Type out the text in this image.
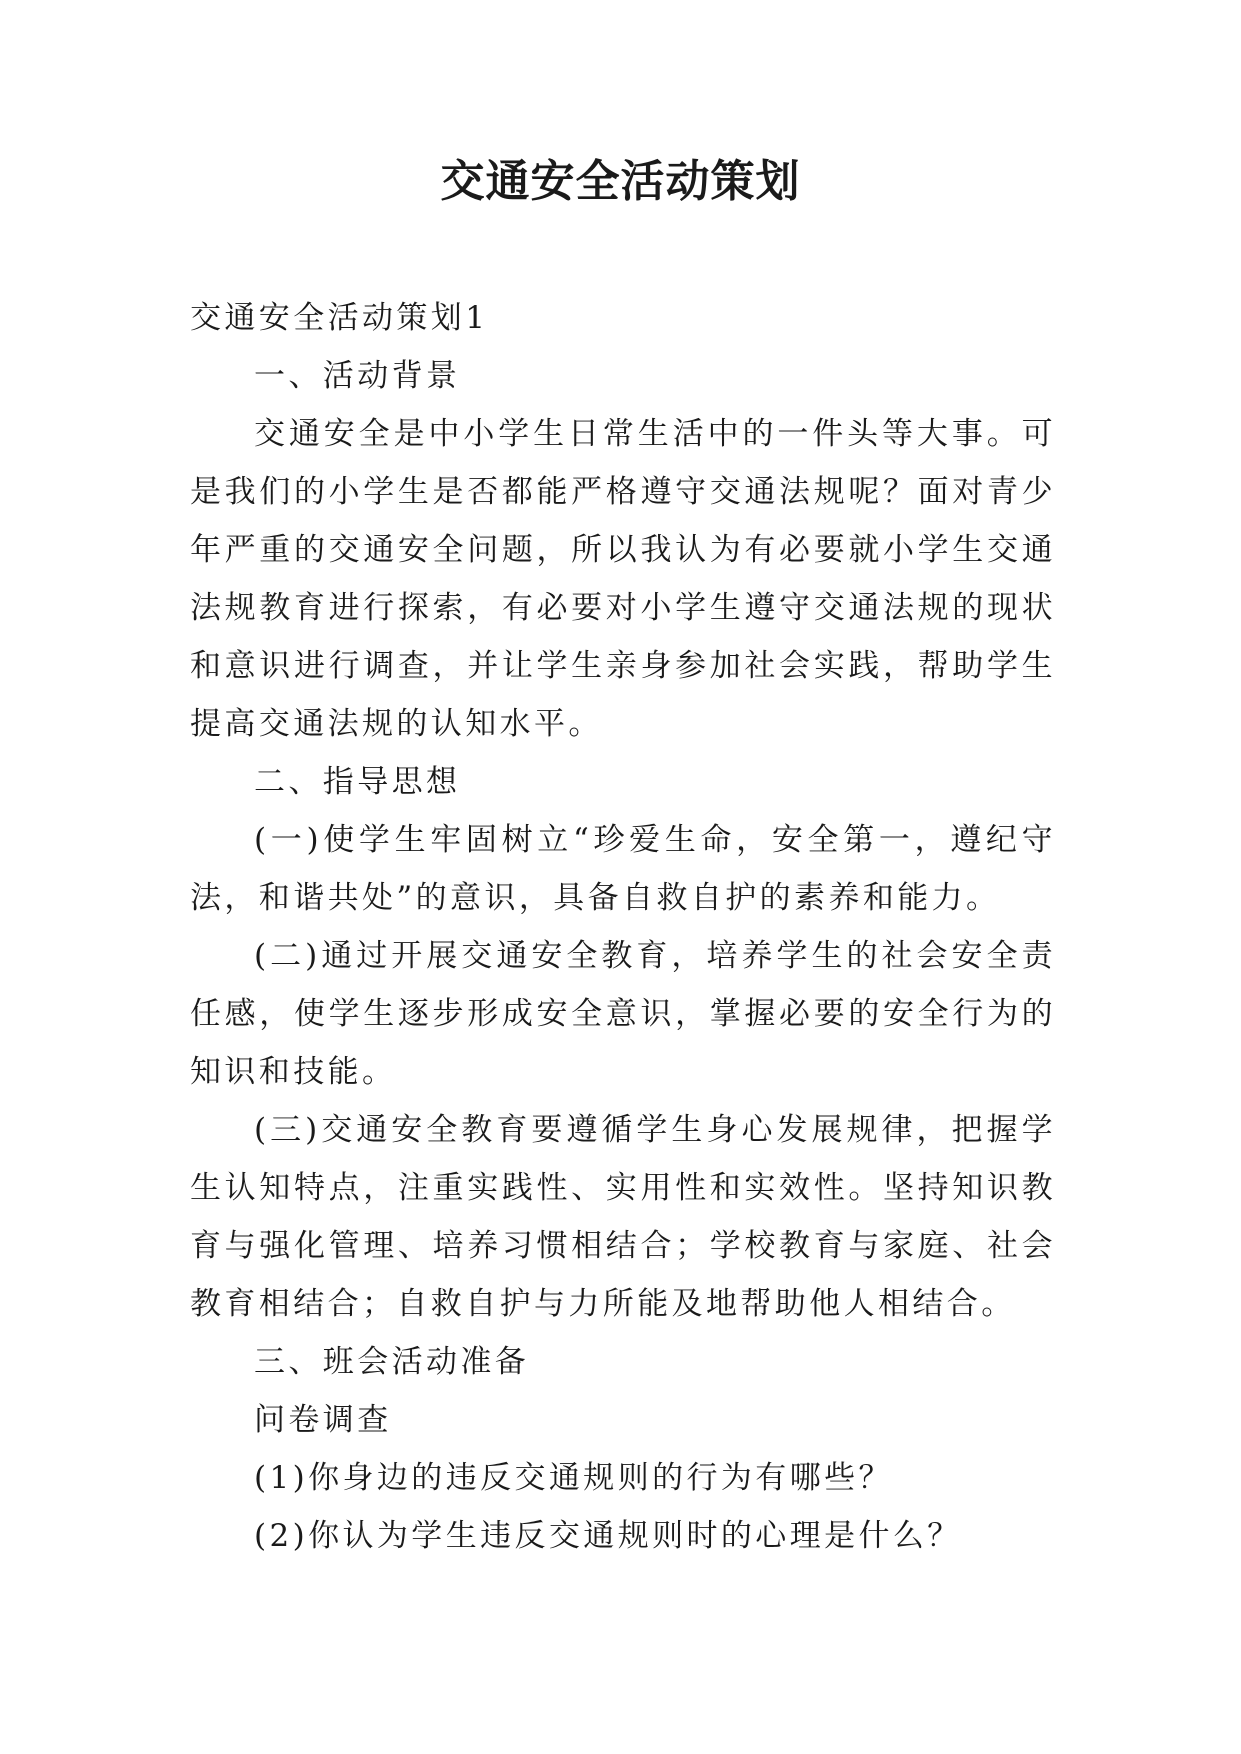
交通安全活动策划

交通安全活动策划1

一、活动背景

交通安全是中小学生日常生活中的一件头等大事。可是我们的小学生是否都能严格遵守交通法规呢？面对青少年严重的交通安全问题，所以我认为有必要就小学生交通法规教育进行探索，有必要对小学生遵守交通法规的现状和意识进行调查，并让学生亲身参加社会实践，帮助学生提高交通法规的认知水平。

二、指导思想

(一)使学生牢固树立“珍爱生命，安全第一，遵纪守法，和谐共处”的意识，具备自救自护的素养和能力。

(二)通过开展交通安全教育，培养学生的社会安全责任感，使学生逐步形成安全意识，掌握必要的安全行为的知识和技能。

(三)交通安全教育要遵循学生身心发展规律，把握学生认知特点，注重实践性、实用性和实效性。坚持知识教育与强化管理、培养习惯相结合；学校教育与家庭、社会教育相结合；自救自护与力所能及地帮助他人相结合。

三、班会活动准备

问卷调查

(1)你身边的违反交通规则的行为有哪些？

(2)你认为学生违反交通规则时的心理是什么？
